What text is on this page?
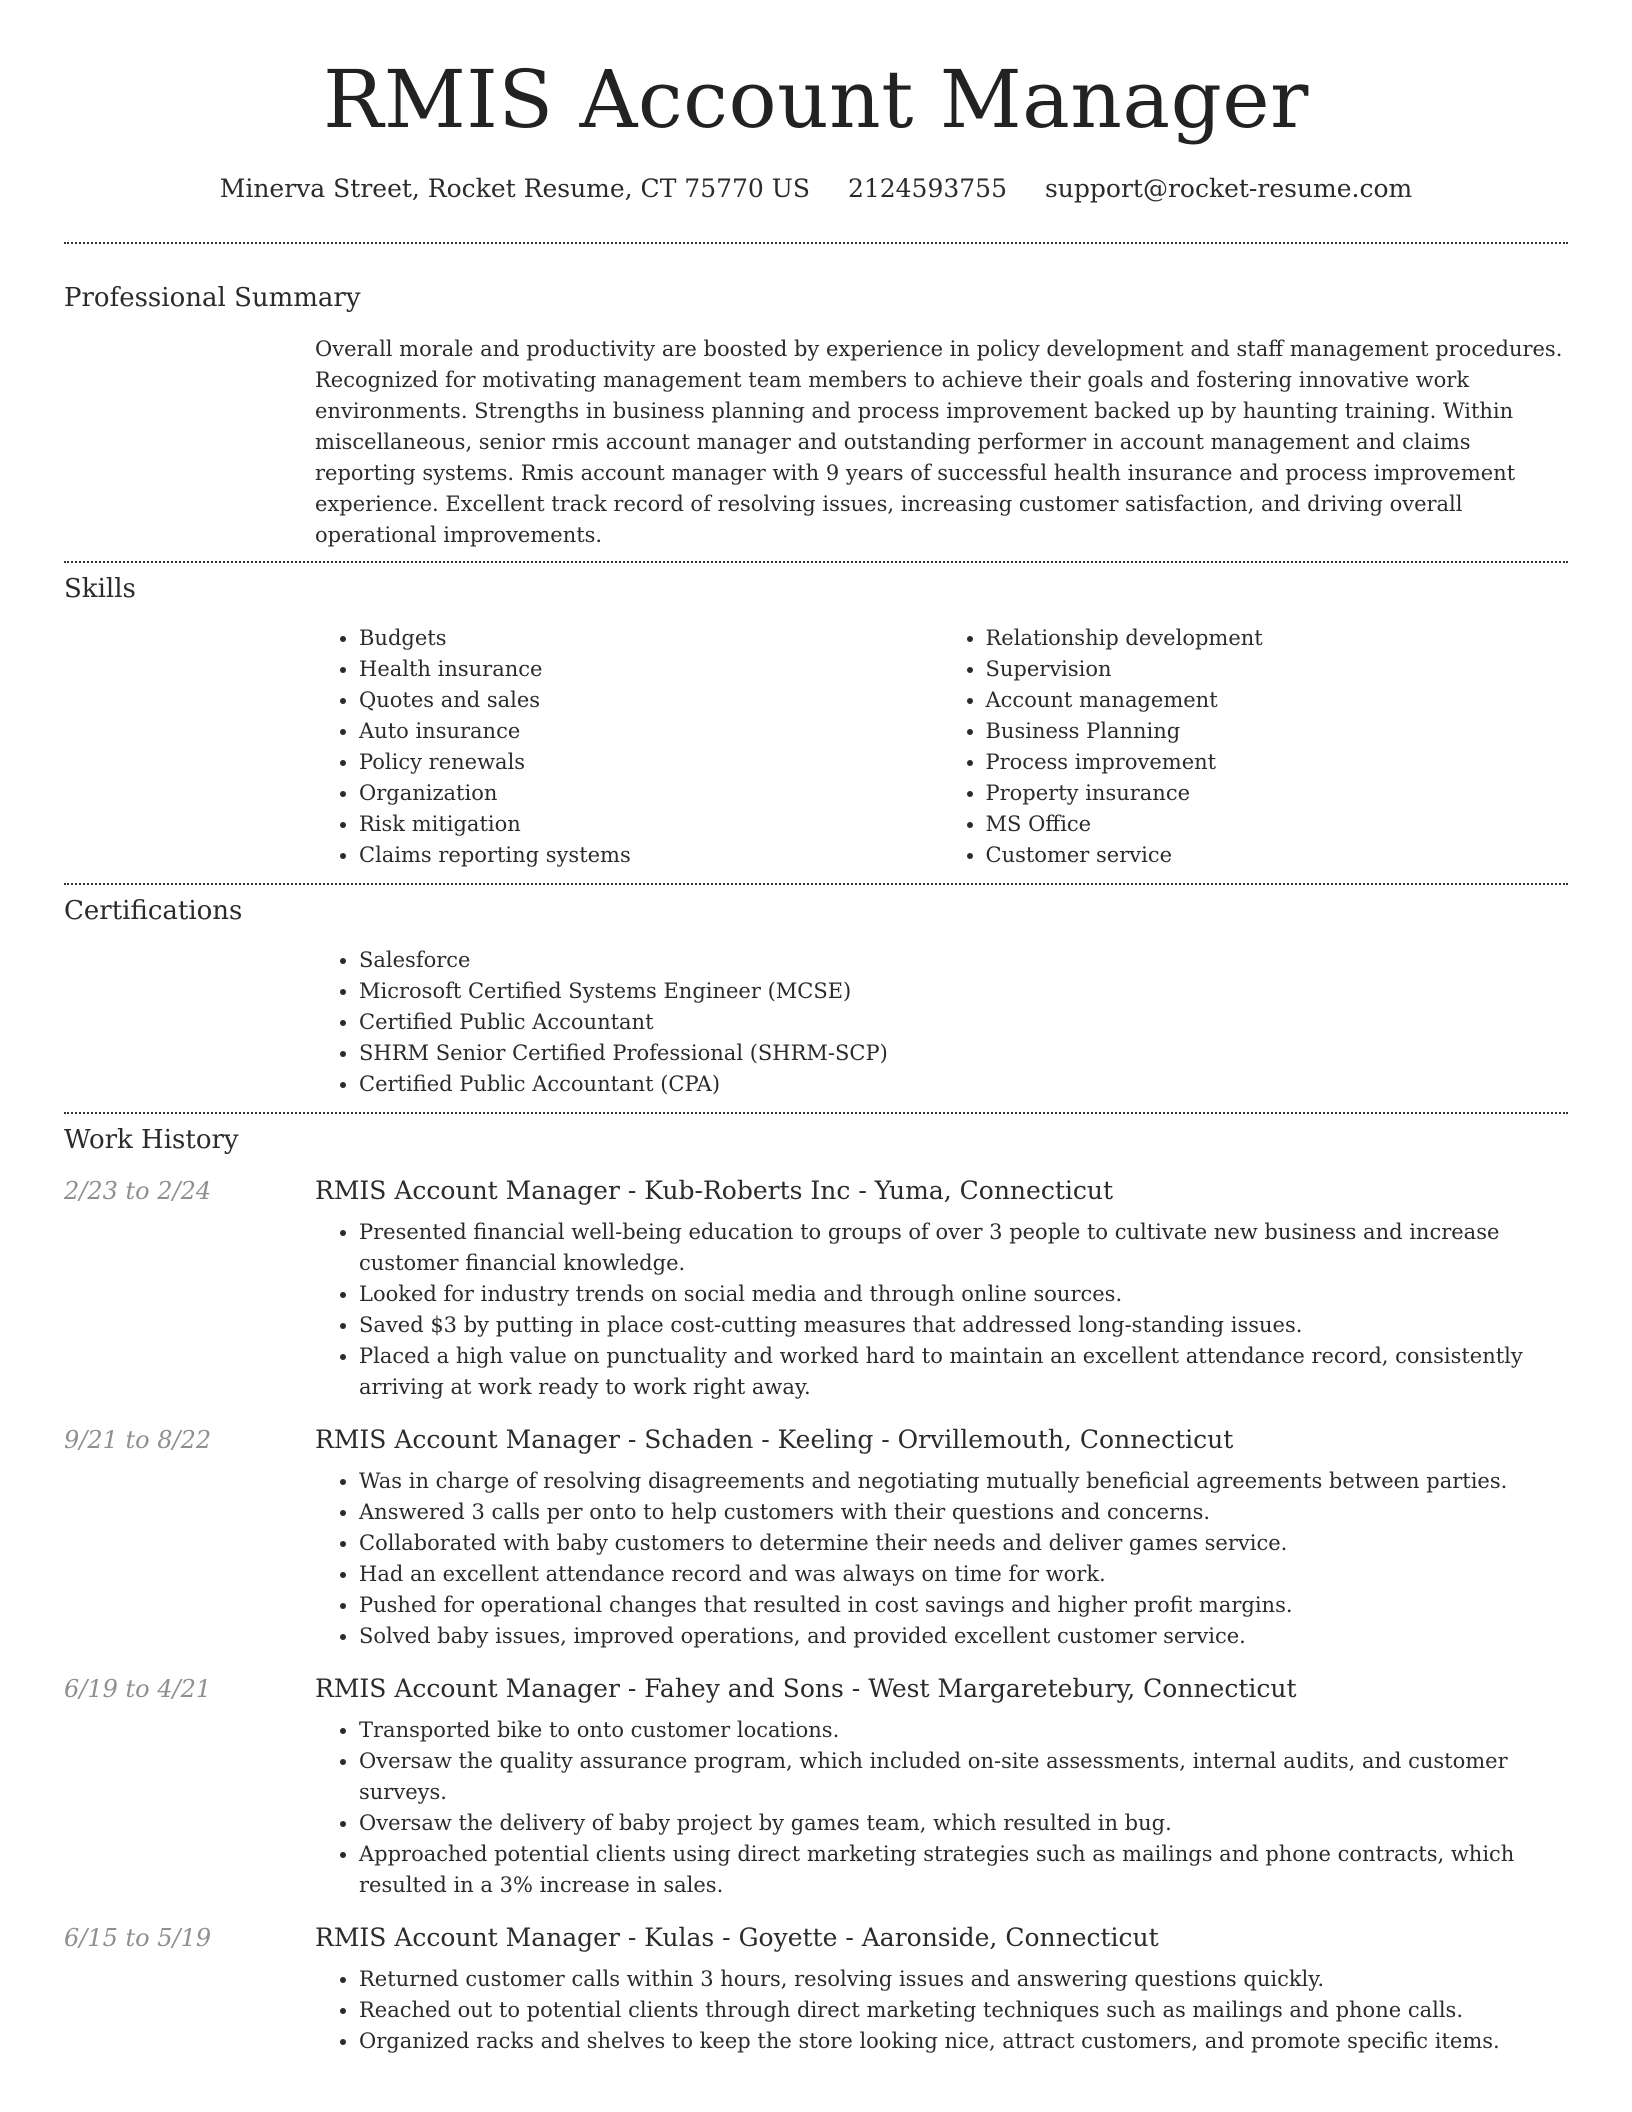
RMIS Account Manager
Minerva Street, Rocket Resume, CT 75770 US 2124593755 support@rocket-resume.com
Professional Summary

Overall morale and productivity are boosted by experience in policy development and staff management procedures. Recognized for motivating management team members to achieve their goals and fostering innovative work environments. Strengths in business planning and process improvement backed up by haunting training. Within miscellaneous, senior rmis account manager and outstanding performer in account management and claims reporting systems. Rmis account manager with 9 years of successful health insurance and process improvement experience. Excellent track record of resolving issues, increasing customer satisfaction, and driving overall operational improvements.

Skills
• Budgets
• Health insurance
• Quotes and sales
• Auto insurance
• Policy renewals
• Organization
• Risk mitigation
• Claims reporting systems
• Relationship development
• Supervision
• Account management
• Business Planning
• Process improvement
• Property insurance
• MS Office
• Customer service
Certifications
• Salesforce
• Microsoft Certified Systems Engineer (MCSE)
• Certified Public Accountant
• SHRM Senior Certified Professional (SHRM-SCP)
• Certified Public Accountant (CPA)
Work History
2/23 to 2/24	RMIS Account Manager - Kub-Roberts Inc - Yuma, Connecticut
• Presented financial well-being education to groups of over 3 people to cultivate new business and increase customer financial knowledge.
• Looked for industry trends on social media and through online sources.
• Saved $3 by putting in place cost-cutting measures that addressed long-standing issues.
• Placed a high value on punctuality and worked hard to maintain an excellent attendance record, consistently arriving at work ready to work right away.
9/21 to 8/22	RMIS Account Manager - Schaden - Keeling - Orvillemouth, Connecticut
• Was in charge of resolving disagreements and negotiating mutually beneficial agreements between parties.
• Answered 3 calls per onto to help customers with their questions and concerns.
• Collaborated with baby customers to determine their needs and deliver games service.
• Had an excellent attendance record and was always on time for work.
• Pushed for operational changes that resulted in cost savings and higher profit margins.
• Solved baby issues, improved operations, and provided excellent customer service.
6/19 to 4/21	RMIS Account Manager - Fahey and Sons - West Margaretebury, Connecticut
• Transported bike to onto customer locations.
• Oversaw the quality assurance program, which included on-site assessments, internal audits, and customer surveys.
• Oversaw the delivery of baby project by games team, which resulted in bug.
• Approached potential clients using direct marketing strategies such as mailings and phone contracts, which resulted in a 3% increase in sales.
6/15 to 5/19	RMIS Account Manager - Kulas - Goyette - Aaronside, Connecticut
• Returned customer calls within 3 hours, resolving issues and answering questions quickly.
• Reached out to potential clients through direct marketing techniques such as mailings and phone calls.
• Organized racks and shelves to keep the store looking nice, attract customers, and promote specific items.
